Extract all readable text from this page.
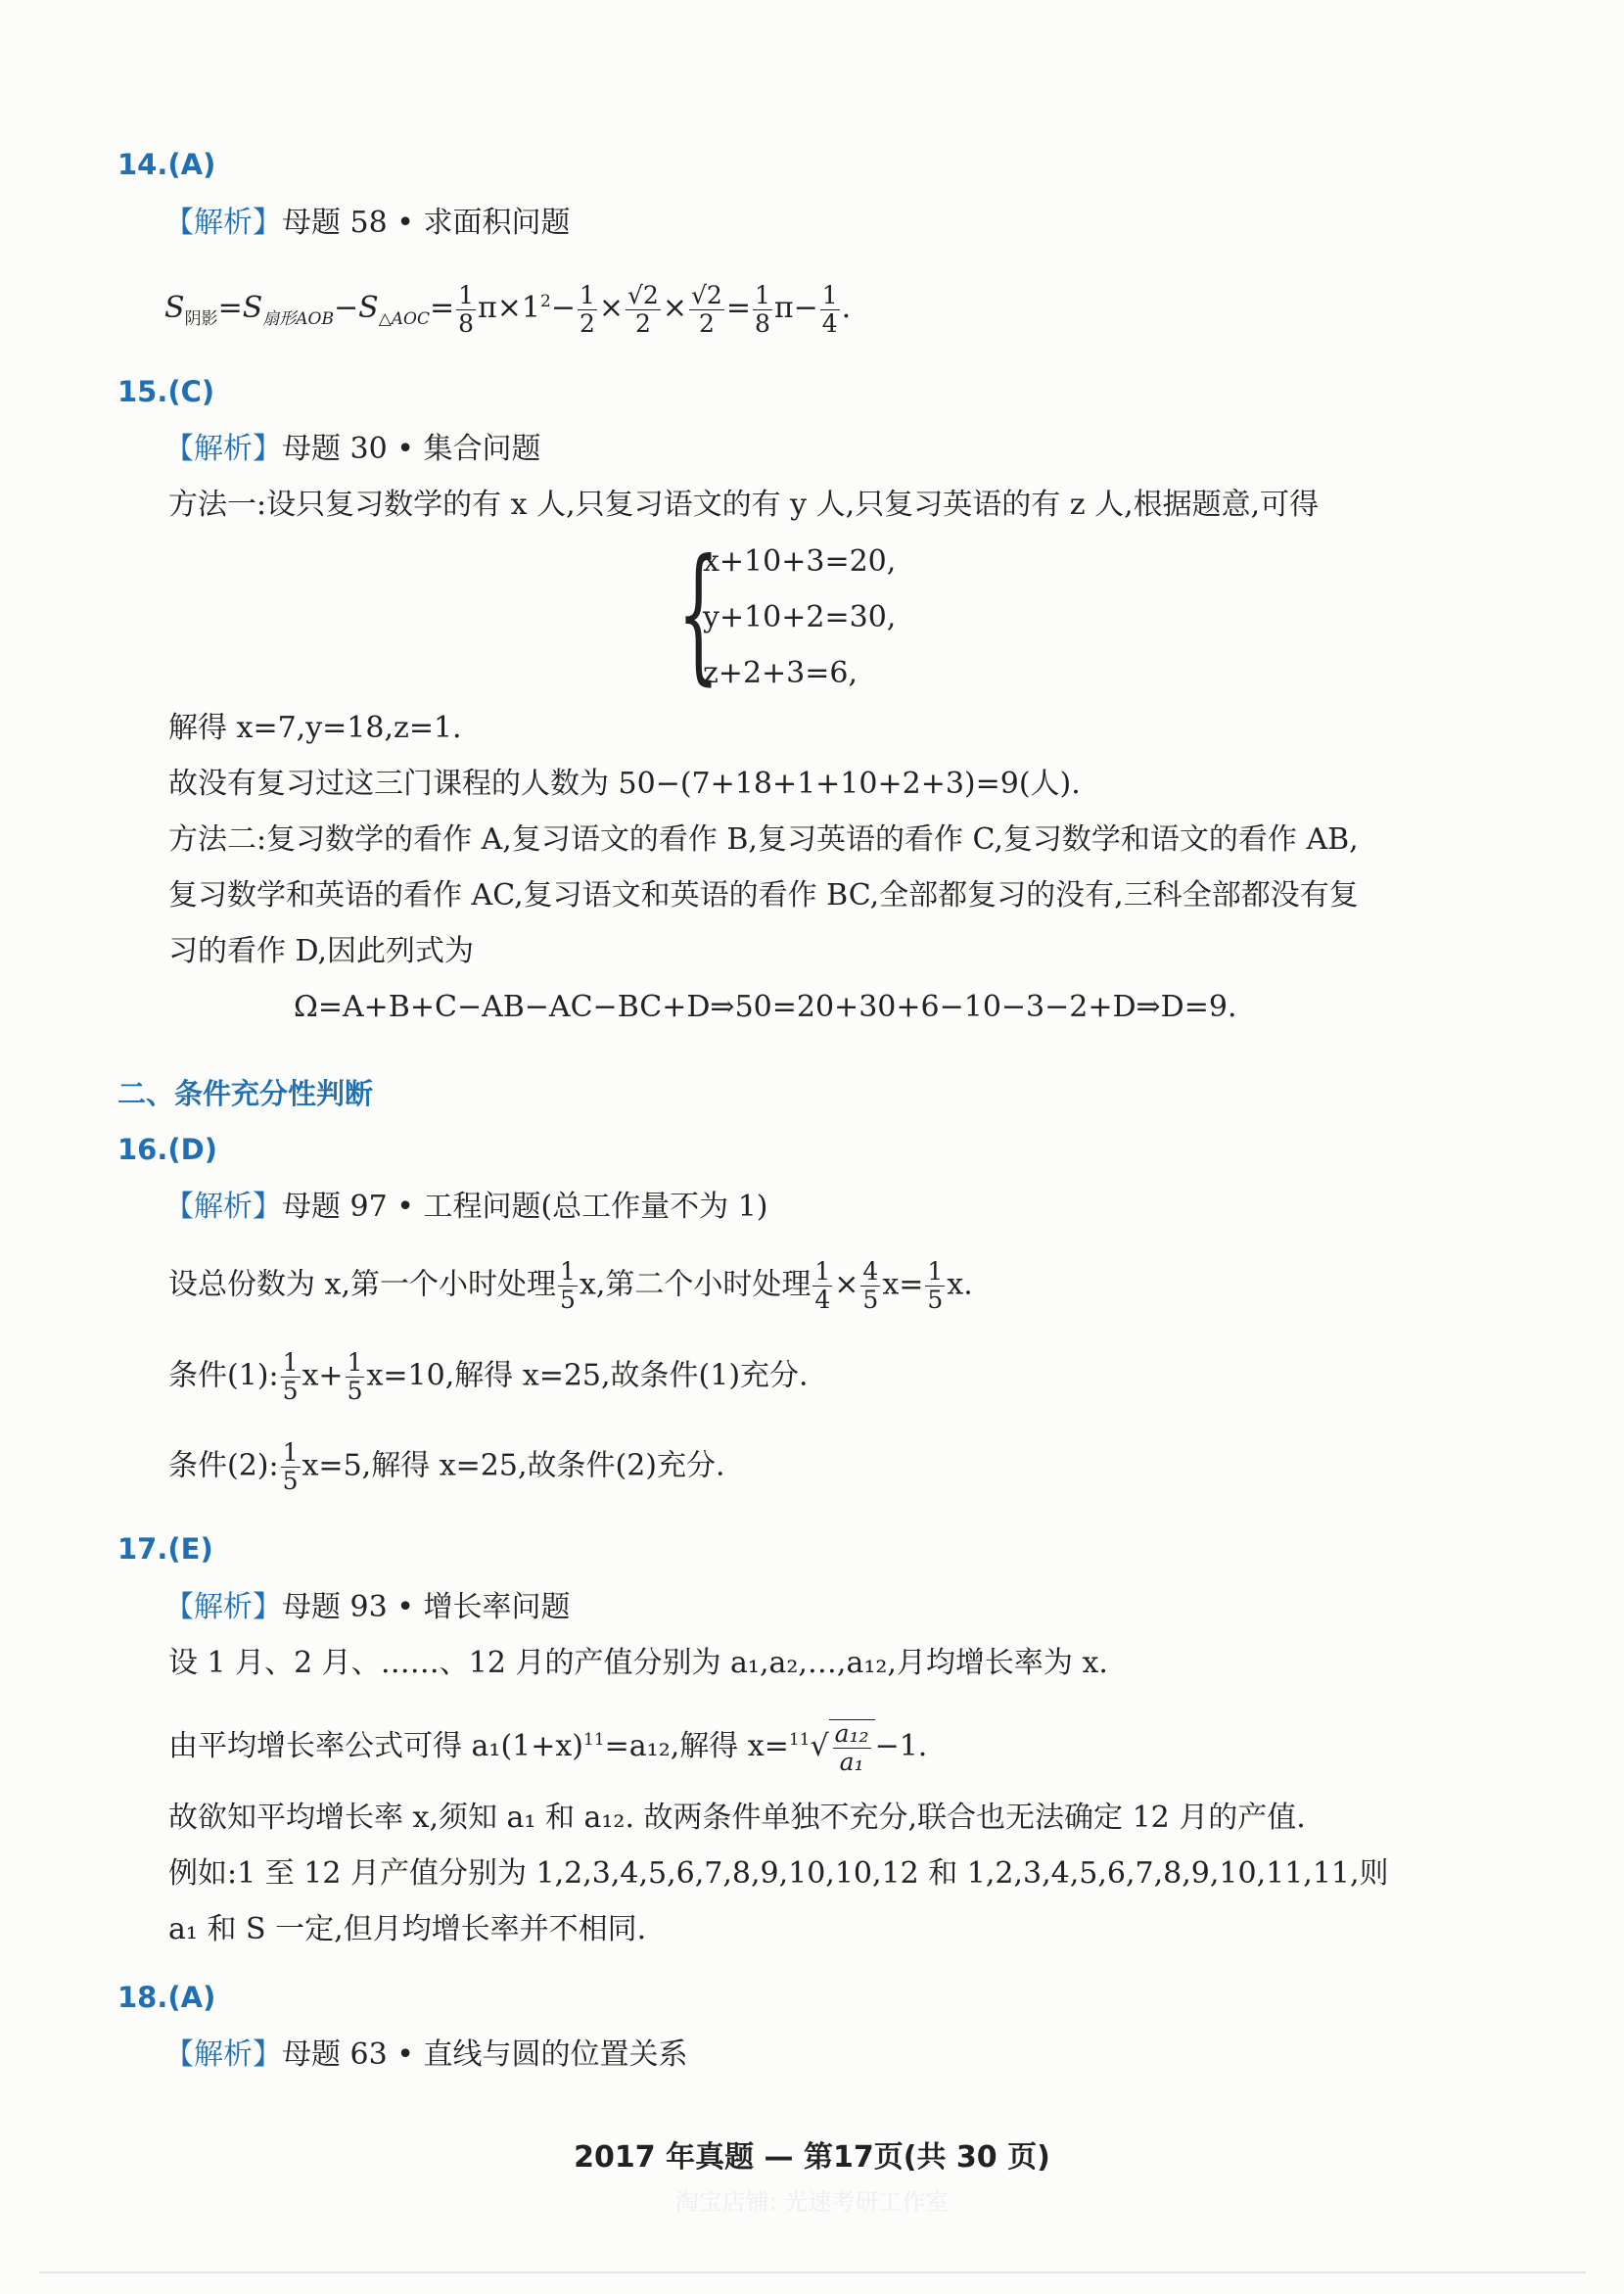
14.(A)
【解析】母题 58 • 求面积问题
$S_{阴影}=S_{扇形AOB}-S_{\triangle AOC}= \frac{1}{8} \pi\times 1^2- \frac{1}{2} \times \frac{√2}{2} \times \frac{√2}{2} = \frac{1}{8} \pi- \frac{1}{4}$ .
15.(C)
【解析】母题 30 • 集合问题
方法一:设只复习数学的有 x 人,只复习语文的有 y 人,只复习英语的有 z 人,根据题意,可得
{
x+10+3=20,
y+10+2=30,
z+2+3=6,
解得 x=7,y=18,z=1.
故没有复习过这三门课程的人数为 50−(7+18+1+10+2+3)=9(人).
方法二:复习数学的看作 A,复习语文的看作 B,复习英语的看作 C,复习数学和语文的看作 AB,
复习数学和英语的看作 AC,复习语文和英语的看作 BC,全部都复习的没有,三科全部都没有复
习的看作 D,因此列式为
Ω=A+B+C−AB−AC−BC+D⇒50=20+30+6−10−3−2+D⇒D=9.
二、条件充分性判断
16.(D)
【解析】母题 97 • 工程问题(总工作量不为 1)
设总份数为 x,第一个小时处理 $\frac{1}{5} x$,第二个小时处理 $\frac{1}{4} \times \frac{4}{5} x= \frac{1}{5} x$.
条件(1): $\frac{1}{5} x+ \frac{1}{5} x=10$,解得 x=25,故条件(1)充分.
条件(2): $\frac{1}{5} x=5$,解得 x=25,故条件(2)充分.
17.(E)
【解析】母题 93 • 增长率问题
设 1 月、2 月、……、12 月的产值分别为 a₁,a₂,…,a₁₂,月均增长率为 x.
由平均增长率公式可得 $a_1(1+x)^{11}=a_{12}$,解得 $x=^{11}√ \frac{\text{a₁₂}}{\text{a₁}} -1$.
故欲知平均增长率 x,须知 a₁ 和 a₁₂. 故两条件单独不充分,联合也无法确定 12 月的产值.
例如:1 至 12 月产值分别为 1,2,3,4,5,6,7,8,9,10,10,12 和 1,2,3,4,5,6,7,8,9,10,11,11,则
a₁ 和 S 一定,但月均增长率并不相同.
18.(A)
【解析】母题 63 • 直线与圆的位置关系
2017 年真题 — 第17页(共 30 页)
淘宝店铺: 光速考研工作室
